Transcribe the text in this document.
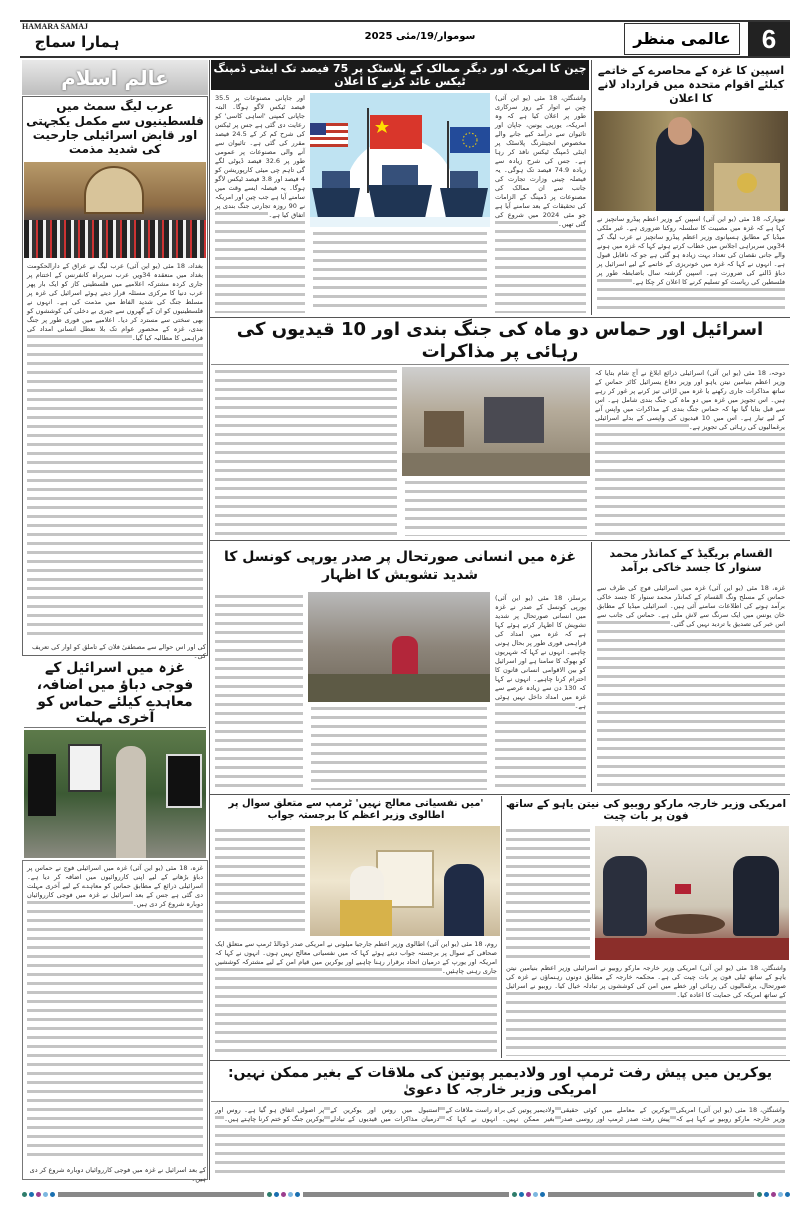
HAMARA SAMAJ
ہمارا سماج	سوموار/19/مئی 2025	عالمی منظر	6
عالم اسلام
عرب لیگ سمٹ میں فلسطینیوں سے مکمل یکجہتی اور قابض اسرائیلی جارحیت کی شدید مذمت
بغداد، 18 مئی (یو این آئی) عرب لیگ نے عراق کے دارالحکومت بغداد میں منعقدہ 34ویں عرب سربراہ کانفرنس کے اختتام پر جاری کردہ مشترکہ اعلامیے میں فلسطینی کاز کو ایک بار پھر عرب دنیا کا مرکزی مسئلہ قرار دیتے ہوئے اسرائیل کی غزہ پر مسلط جنگ کی شدید الفاظ میں مذمت کی ہے۔ انہوں نے فلسطینیوں کو ان کے گھروں سے جبری بے دخلی کی کوششوں کو بھی سختی سے مسترد کر دیا۔ اعلامیے میں فوری طور پر جنگ بندی، غزہ کے محصور عوام تک بلا تعطل انسانی امداد کی فراہمی کا مطالبہ کیا گیا۔
کی اور اس حوالے سے مصطفیٰ فلان کے تاملق کو اوار کی تعریف کی۔
غزہ میں اسرائیل کے فوجی دباؤ میں اضافہ، معاہدے کیلئے حماس کو آخری مہلت
غزہ، 18 مئی (یو این آئی) غزہ میں اسرائیلی فوج نے حماس پر دباؤ بڑھانے کے لیے اپنی کارروائیوں میں اضافہ کر دیا ہے۔ اسرائیلی ذرائع کے مطابق حماس کو معاہدے کے لیے آخری مہلت دی گئی ہے جس کے بعد اسرائیل نے غزہ میں فوجی کارروائیاں دوبارہ شروع کر دی ہیں۔
کے بعد اسرائیل نے غزہ میں فوجی کارروائیاں دوبارہ شروع کر دی ہیں۔
چین کا امریکہ اور دیگر ممالک کے پلاسٹک پر 75 فیصد تک اینٹی ڈمپنگ ٹیکس عائد کرنے کا اعلان
واشنگٹن، 18 مئی (یو این آئی) چین نے اتوار کے روز سرکاری طور پر اعلان کیا ہے کہ وہ امریکہ، یورپی یونین، جاپان اور تائیوان سے درآمد کیے جانے والے مخصوص انجینئرنگ پلاسٹک پر اینٹی ڈمپنگ ٹیکس نافذ کر رہا ہے۔ جس کی شرح زیادہ سے زیادہ 74.9 فیصد تک ہوگی۔ یہ فیصلہ چینی وزارت تجارت کی جانب سے ان ممالک کی مصنوعات پر ڈمپنگ کے الزامات کی تحقیقات کے بعد سامنے آیا ہے جو مئی 2024 میں شروع کی گئی تھیں۔
اور جاپانی مصنوعات پر 35.5 فیصد ٹیکس لاگو ہوگا۔ البتہ جاپانی کمپنی 'اساہی کاسی' کو رعایت دی گئی ہے جس پر ٹیکس کی شرح کم کر کے 24.5 فیصد مقرر کی گئی ہے۔ تائیوان سے آنے والی مصنوعات پر عمومی طور پر 32.6 فیصد ڈیوٹی لگے گی تاہم چی میئی کارپوریشن کو 4 فیصد اور 3.8 فیصد ٹیکس لاگو ہوگا۔ یہ فیصلہ ایسے وقت میں سامنے آیا ہے جب چین اور امریکہ نے 90 روزہ تجارتی جنگ بندی پر اتفاق کیا ہے۔
اسپین کا غزہ کے محاصرے کے خاتمے کیلئے اقوام متحدہ میں قرارداد لانے کا اعلان
نیویارک، 18 مئی (یو این آئی) اسپین کے وزیر اعظم پیڈرو سانچیز نے کہا ہے کہ غزہ میں مصیبت کا سلسلہ روکنا ضروری ہے۔ غیر ملکی میڈیا کے مطابق ہسپانوی وزیر اعظم پیڈرو سانچیز نے عرب لیگ کے 34ویں سربراہی اجلاس میں خطاب کرتے ہوئے کہا کہ غزہ میں ہونے والے جانی نقصان کی تعداد بہت زیادہ ہو گئی ہے جو کہ ناقابل قبول ہے۔ انہوں نے کہا کہ غزہ میں خونریزی کے خاتمے کے لیے اسرائیل پر دباؤ ڈالنے کی ضرورت ہے۔ اسپین گزشتہ سال باضابطہ طور پر فلسطین کی ریاست کو تسلیم کرنے کا اعلان کر چکا ہے۔
اسرائیل اور حماس دو ماہ کی جنگ بندی اور 10 قیدیوں کی رہائی پر مذاکرات
دوحہ، 18 مئی (یو این آئی) اسرائیلی ذرائع ابلاغ نے آج شام بتایا کہ وزیر اعظم بنیامین نیتن یاہو اور وزیر دفاع یسرائیل کاٹز حماس کے ساتھ مذاکرات جاری رکھنے یا غزہ میں لڑائی تیز کرنے پر غور کر رہے ہیں۔ اس تجویز میں غزہ میں دو ماہ کی جنگ بندی شامل ہے۔ اس سے قبل بتایا گیا تھا کہ حماس جنگ بندی کے مذاکرات میں واپس آنے کے لیے تیار ہے۔ اس میں 10 قیدیوں کی واپسی کے بدلے اسرائیلی یرغمالیوں کی رہائی کی تجویز ہے۔
القسام بریگیڈ کے کمانڈر محمد سنوار کا جسد خاکی برآمد
غزہ، 18 مئی (یو این آئی) غزہ میں اسرائیلی فوج کی طرف سے حماس کے مسلح ونگ القسام کے کمانڈر محمد سنوار کا جسد خاکی برآمد ہونے کی اطلاعات سامنے آئی ہیں۔ اسرائیلی میڈیا کے مطابق خان یونس میں ایک سرنگ سے لاش ملی ہے۔ حماس کی جانب سے اس خبر کی تصدیق یا تردید نہیں کی گئی۔
غزہ میں انسانی صورتحال پر صدر یورپی کونسل کا شدید تشویش کا اظہار
برسلز، 18 مئی (یو این آئی) یورپی کونسل کے صدر نے غزہ میں انسانی صورتحال پر شدید تشویش کا اظہار کرتے ہوئے کہا ہے کہ غزہ میں امداد کی فراہمی فوری طور پر بحال ہونی چاہیے۔ انہوں نے کہا کہ شہریوں کو بھوک کا سامنا ہے اور اسرائیل کو بین الاقوامی انسانی قانون کا احترام کرنا چاہیے۔ انہوں نے کہا کہ 130 دن سے زیادہ عرصے سے غزہ میں امداد داخل نہیں ہوئی ہے۔
'میں نفسیاتی معالج نہیں' ٹرمپ سے متعلق سوال پر اطالوی وزیر اعظم کا برجستہ جواب
روم، 18 مئی (یو این آئی) اطالوی وزیر اعظم جارجیا میلونی نے امریکی صدر ڈونالڈ ٹرمپ سے متعلق ایک صحافی کے سوال پر برجستہ جواب دیتے ہوئے کہا کہ میں نفسیاتی معالج نہیں ہوں۔ انہوں نے کہا کہ امریکہ اور یورپ کے درمیان اتحاد برقرار رہنا چاہیے اور یوکرین میں قیام امن کے لیے مشترکہ کوششیں جاری رہنی چاہئیں۔
امریکی وزیر خارجہ مارکو روبیو کی نیتن یاہو کے ساتھ فون پر بات چیت
واشنگٹن، 18 مئی (یو این آئی) امریکی وزیر خارجہ مارکو روبیو نے اسرائیلی وزیر اعظم بنیامین نیتن یاہو کے ساتھ ٹیلی فون پر بات چیت کی ہے۔ محکمہ خارجہ کے مطابق دونوں رہنماؤں نے غزہ کی صورتحال، یرغمالیوں کی رہائی اور خطے میں امن کی کوششوں پر تبادلہ خیال کیا۔ روبیو نے اسرائیل کے ساتھ امریکہ کی حمایت کا اعادہ کیا۔
یوکرین میں پیش رفت ٹرمپ اور ولادیمیر پوتین کی ملاقات کے بغیر ممکن نہیں: امریکی وزیر خارجہ کا دعویٰ
واشنگٹن، 18 مئی (یو این آئی) امریکی وزیر خارجہ مارکو روبیو نے کہا ہے کہ یوکرین کے معاملے میں کوئی حقیقی پیش رفت صدر ٹرمپ اور روسی صدر ولادیمیر پوتین کی براہ راست ملاقات کے بغیر ممکن نہیں۔ انہوں نے کہا کہ استنبول میں روس اور یوکرین کے درمیان مذاکرات میں قیدیوں کے تبادلے پر اصولی اتفاق ہو گیا ہے۔ روس اور یوکرین جنگ کو ختم کرنا چاہتے ہیں۔
